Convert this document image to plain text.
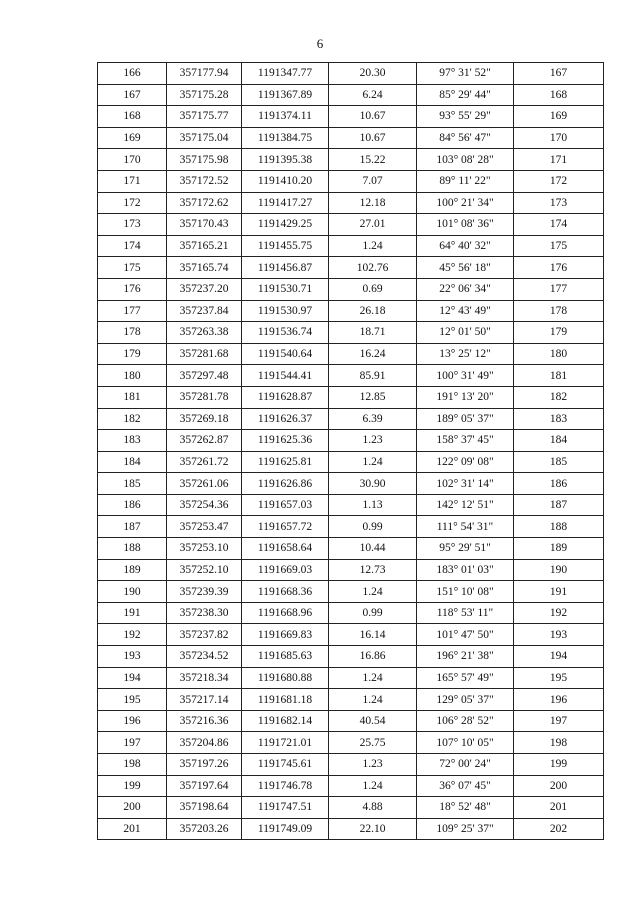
6
166	357177.94	1191347.77	20.30	97° 31' 52"	167
167	357175.28	1191367.89	6.24	85° 29' 44"	168
168	357175.77	1191374.11	10.67	93° 55' 29"	169
169	357175.04	1191384.75	10.67	84° 56' 47"	170
170	357175.98	1191395.38	15.22	103° 08' 28"	171
171	357172.52	1191410.20	7.07	89° 11' 22"	172
172	357172.62	1191417.27	12.18	100° 21' 34"	173
173	357170.43	1191429.25	27.01	101° 08' 36"	174
174	357165.21	1191455.75	1.24	64° 40' 32"	175
175	357165.74	1191456.87	102.76	45° 56' 18"	176
176	357237.20	1191530.71	0.69	22° 06' 34"	177
177	357237.84	1191530.97	26.18	12° 43' 49"	178
178	357263.38	1191536.74	18.71	12° 01' 50"	179
179	357281.68	1191540.64	16.24	13° 25' 12"	180
180	357297.48	1191544.41	85.91	100° 31' 49"	181
181	357281.78	1191628.87	12.85	191° 13' 20"	182
182	357269.18	1191626.37	6.39	189° 05' 37"	183
183	357262.87	1191625.36	1.23	158° 37' 45"	184
184	357261.72	1191625.81	1.24	122° 09' 08"	185
185	357261.06	1191626.86	30.90	102° 31' 14"	186
186	357254.36	1191657.03	1.13	142° 12' 51"	187
187	357253.47	1191657.72	0.99	111° 54' 31"	188
188	357253.10	1191658.64	10.44	95° 29' 51"	189
189	357252.10	1191669.03	12.73	183° 01' 03"	190
190	357239.39	1191668.36	1.24	151° 10' 08"	191
191	357238.30	1191668.96	0.99	118° 53' 11"	192
192	357237.82	1191669.83	16.14	101° 47' 50"	193
193	357234.52	1191685.63	16.86	196° 21' 38"	194
194	357218.34	1191680.88	1.24	165° 57' 49"	195
195	357217.14	1191681.18	1.24	129° 05' 37"	196
196	357216.36	1191682.14	40.54	106° 28' 52"	197
197	357204.86	1191721.01	25.75	107° 10' 05"	198
198	357197.26	1191745.61	1.23	72° 00' 24"	199
199	357197.64	1191746.78	1.24	36° 07' 45"	200
200	357198.64	1191747.51	4.88	18° 52' 48"	201
201	357203.26	1191749.09	22.10	109° 25' 37"	202
